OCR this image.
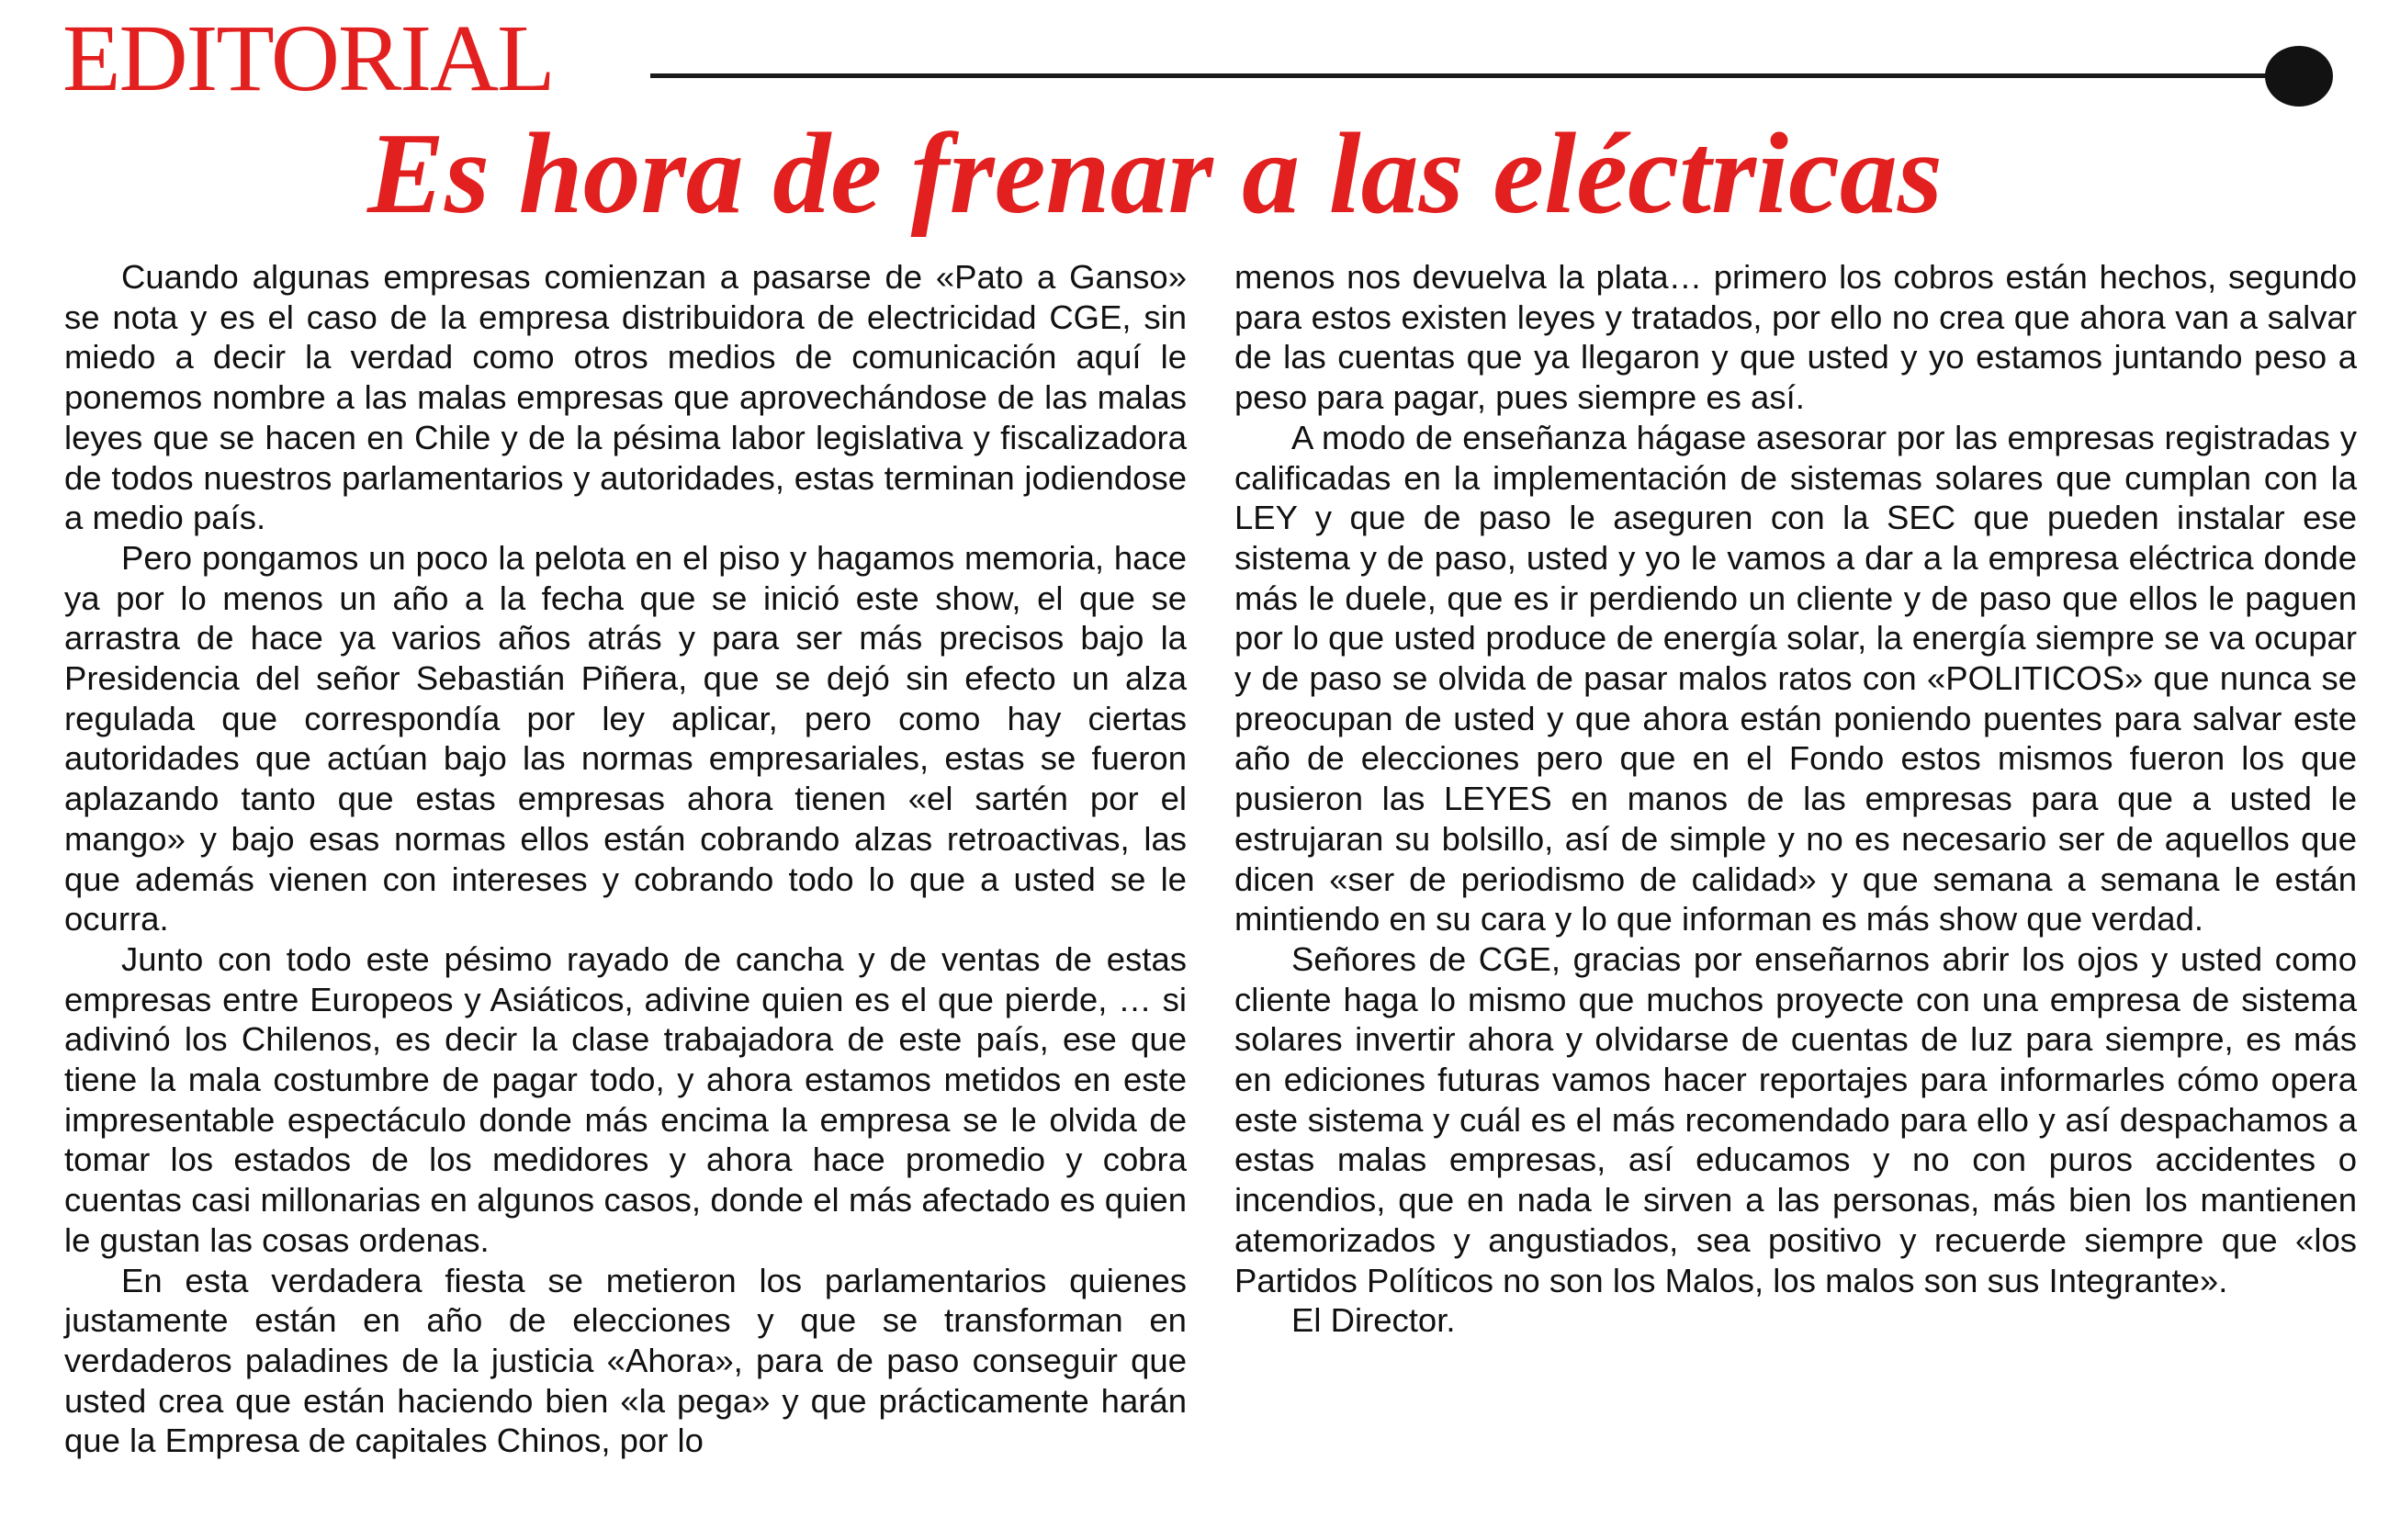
EDITORIAL
Es hora de frenar a las eléctricas

Cuando algunas empresas comienzan a pasarse de «Pato a Ganso» se nota y es el caso de la empresa distribuidora de electricidad CGE, sin miedo a decir la verdad como otros medios de comunicación aquí le ponemos nombre a las malas empresas que aprovechándose de las malas leyes que se hacen en Chile y de la pésima labor legislativa y fiscalizadora de todos nuestros parlamentarios y autoridades, estas terminan jodiendose a medio país.

Pero pongamos un poco la pelota en el piso y hagamos memoria, hace ya por lo menos un año a la fecha que se inició este show, el que se arrastra de hace ya varios años atrás y para ser más precisos bajo la Presidencia del señor Sebastián Piñera, que se dejó sin efecto un alza regulada que correspondía por ley aplicar, pero como hay ciertas autoridades que actúan bajo las normas empresariales, estas se fueron aplazando tanto que estas empresas ahora tienen «el sartén por el mango» y bajo esas normas ellos están cobrando alzas retroactivas, las que además vienen con intereses y cobrando todo lo que a usted se le ocurra.

Junto con todo este pésimo rayado de cancha y de ventas de estas empresas entre Europeos y Asiáticos, adivine quien es el que pierde, … si adivinó los Chilenos, es decir la clase trabajadora de este país, ese que tiene la mala costumbre de pagar todo, y ahora estamos metidos en este impresentable espectáculo donde más encima la empresa se le olvida de tomar los estados de los medidores y ahora hace promedio y cobra cuentas casi millonarias en algunos casos, donde el más afectado es quien le gustan las cosas ordenas.

En esta verdadera fiesta se metieron los parlamentarios quienes justamente están en año de elecciones y que se transforman en verdaderos paladines de la justicia «Ahora», para de paso conseguir que usted crea que están haciendo bien «la pega» y que prácticamente harán que la Empresa de capitales Chinos, por lo

menos nos devuelva la plata… primero los cobros están hechos, segundo para estos existen leyes y tratados, por ello no crea que ahora van a salvar de las cuentas que ya llegaron y que usted y yo estamos juntando peso a peso para pagar, pues siempre es así.

A modo de enseñanza hágase asesorar por las empresas registradas y calificadas en la implementación de sistemas solares que cumplan con la LEY y que de paso le aseguren con la SEC que pueden instalar ese sistema y de paso, usted y yo le vamos a dar a la empresa eléctrica donde más le duele, que es ir perdiendo un cliente y de paso que ellos le paguen por lo que usted produce de energía solar, la energía siempre se va ocupar y de paso se olvida de pasar malos ratos con «POLITICOS» que nunca se preocupan de usted y que ahora están poniendo puentes para salvar este año de elecciones pero que en el Fondo estos mismos fueron los que pusieron las LEYES en manos de las empresas para que a usted le estrujaran su bolsillo, así de simple y no es necesario ser de aquellos que dicen «ser de periodismo de calidad» y que semana a semana le están mintiendo en su cara y lo que informan es más show que verdad.

Señores de CGE, gracias por enseñarnos abrir los ojos y usted como cliente haga lo mismo que muchos proyecte con una empresa de sistema solares invertir ahora y olvidarse de cuentas de luz para siempre, es más en ediciones futuras vamos hacer reportajes para informarles cómo opera este sistema y cuál es el más recomendado para ello y así despachamos a estas malas empresas, así educamos y no con puros accidentes o incendios, que en nada le sirven a las personas, más bien los mantienen atemorizados y angustiados, sea positivo y recuerde siempre que «los Partidos Políticos no son los Malos, los malos son sus Integrante».

El Director.
